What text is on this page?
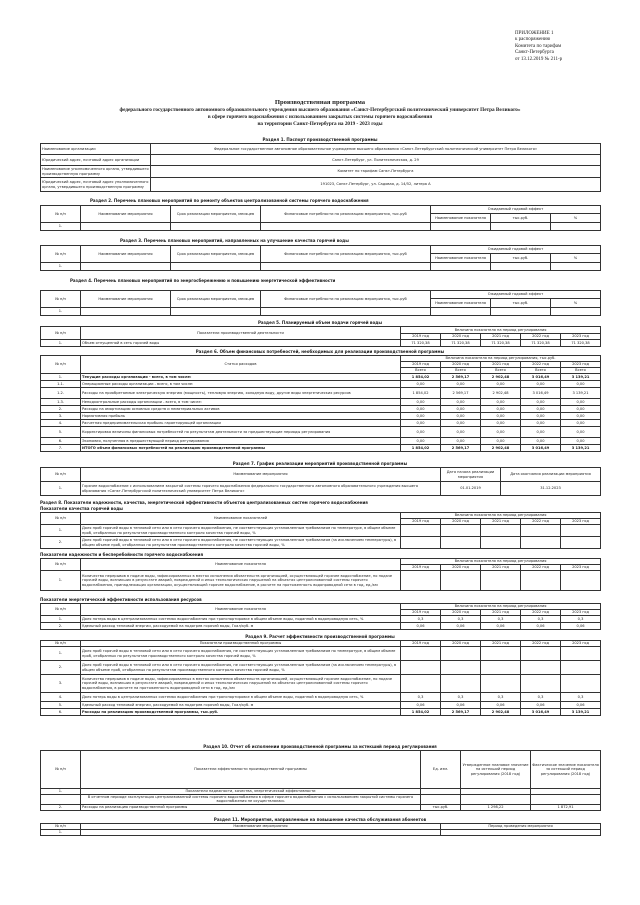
ПРИЛОЖЕНИЕ 1
к распоряжению
Комитета по тарифам
Санкт-Петербурга
от 13.12.2019 № 211-р
Производственная программа
федерального государственного автономного образовательного учреждения высшего образования «Санкт-Петербургский политехнический университет Петра Великого»
в сфере горячего водоснабжения с использованием закрытых системы горячего водоснабжения
на территории Санкт-Петербурга на 2019 - 2023 годы
Раздел 1. Паспорт производственной программы
Наименование организации	Федеральное государственное автономное образовательное учреждение высшего образования «Санкт-Петербургский политехнический университет Петра Великого»
Юридический адрес, почтовый адрес организации	Санкт-Петербург, ул. Политехническая, д. 29
Наименование уполномоченного органа, утвердившего производственную программу	Комитет по тарифам Санкт-Петербурга
Юридический адрес, почтовый адрес уполномоченного органа, утвердившего производственную программу	191023, Санкт-Петербург, ул. Садовая, д. 14/52, литера А
Раздел 2. Перечень плановых мероприятий по ремонту объектов централизованной системы горячего водоснабжения
№ п/п	Наименование мероприятия	Срок реализации мероприятия, месяцев	Финансовые потребности на реализацию мероприятия, тыс.руб	Ожидаемый годовой эффект		
				Наименование показателя	тыс.руб.	%
1.						
Раздел 3. Перечень плановых мероприятий, направленных на улучшение качества горячей воды
№ п/п	Наименование мероприятия	Срок реализации мероприятия, месяцев	Финансовые потребности на реализацию мероприятия, тыс.руб	Ожидаемый годовой эффект		
				Наименование показателя	тыс.руб.	%
1.						
Раздел 4. Перечень плановых мероприятий по энергосбережению и повышению энергетической эффективности
№ п/п	Наименование мероприятия	Срок реализации мероприятия, месяцев	Финансовые потребности на реализацию мероприятия, тыс.руб	Ожидаемый годовой эффект		
				Наименование показателя	тыс.руб.	%
1.						
Раздел 5. Планируемый объем подачи горячей воды
№ п/п	Показатели производственной деятельности	Величина показателя на период регулирования				
		2019 год	2020 год	2021 год	2022 год	2023 год
1.	Объем отпущенной в сеть горячей воды	71 320,38	71 320,38	71 320,38	71 320,38	71 320,38
Раздел 6. Объем финансовых потребностей, необходимых для реализации производственной программы
№ п/п	Статья расходов	Величина показателя на период регулирования, тыс.руб.				
		2019 год	2020 год	2021 год	2022 год	2023 год
		Всего	Всего	Всего	Всего	Всего
1.	Текущие расходы организации - всего, в том числе:	1 854,02	2 569,17	2 902,48	3 016,49	3 139,21
1.1.	Операционные расходы организации - всего, в том числе:	0,00	0,00	0,00	0,00	0,00
1.2.	Расходы на приобретаемые электрическую энергию (мощность), тепловую энергию, холодную воду, другие виды энергетических ресурсов	1 854,02	2 569,17	2 902,48	3 016,49	3 139,21
1.3.	Неподконтрольные расходы организации - всего, в том числе:	0,00	0,00	0,00	0,00	0,00
2.	Расходы на амортизацию основных средств и нематериальных активов	0,00	0,00	0,00	0,00	0,00
3.	Нормативная прибыль	0,00	0,00	0,00	0,00	0,00
4.	Расчетная предпринимательская прибыль гарантирующей организации	0,00	0,00	0,00	0,00	0,00
5.	Корректировка величины финансовых потребностей по результатам деятельности за предшествующие периоды регулирования	0,00	0,00	0,00	0,00	0,00
6.	Экономия, полученная в предшествующий период регулирования	0,00	0,00	0,00	0,00	0,00
7.	ИТОГО объем финансовых потребностей на реализацию производственной программы	1 854,02	2 569,17	2 902,48	3 016,49	3 139,21
Раздел 7. График реализации мероприятий производственной программы
№ п/п	Наименование мероприятия	Дата начала реализации мероприятия	Дата окончания реализации мероприятия
1.	Горячее водоснабжение с использованием закрытой системы горячего водоснабжения федерального государственного автономного образовательного учреждения высшего образования «Санкт-Петербургский политехнический университет Петра Великого»	01.01.2019	31.12.2023
Раздел 8. Показатели надежности, качества, энергетической эффективности объектов централизованных систем горячего водоснабжения
Показатели качества горячей воды
№ п/п	Наименование показателей	Величина показателя на период регулирования				
		2019 год	2020 год	2021 год	2022 год	2023 год
1.	Доля проб горячей воды в тепловой сети или в сети горячего водоснабжения, не соответствующих установленным требованиям по температуре, в общем объеме проб, отобранных по результатам производственного контроля качества горячей воды, %					
2.	Доля проб горячей воды в тепловой сети или в сети горячего водоснабжения, не соответствующих установленным требованиям (за исключением температуры), в общем объеме проб, отобранных по результатам производственного контроля качества горячей воды, %					
Показатели надежности и бесперебойности горячего водоснабжения
№ п/п	Наименование показателя	Величина показателя на период регулирования				
		2019 год	2020 год	2021 год	2022 год	2023 год
1.	Количество перерывов в подаче воды, зафиксированных в местах исполнения обязательств организацией, осуществляющей горячее водоснабжение, по подаче горячей воды, возникших в результате аварий, повреждений и иных технологических нарушений на объектах централизованной системы горячего водоснабжения, принадлежащих организации, осуществляющей горячее водоснабжение, в расчете на протяженность водопроводной сети в год, ед./км					
Показатели энергетической эффективности использования ресурсов
№ п/п	Наименование показателя	Величина показателя на период регулирования				
		2019 год	2020 год	2021 год	2022 год	2023 год
1.	Доля потерь воды в централизованных системах водоснабжения при транспортировке в общем объеме воды, поданной в водопроводную сеть, %	0,3	0,3	0,3	0,3	0,3
2.	Удельный расход тепловой энергии, расходуемой на подогрев горячей воды, Гкал/куб. м	0,06	0,06	0,06	0,06	0,06
Раздел 9. Расчет эффективности производственной программы
№ п/п	Показатели производственной программы	2019 год	2020 год	2021 год	2022 год	2023 год
1.	Доля проб горячей воды в тепловой сети или в сети горячего водоснабжения, не соответствующих установленным требованиям по температуре, в общем объеме проб, отобранных по результатам производственного контроля качества горячей воды, %					
2.	Доля проб горячей воды в тепловой сети или в сети горячего водоснабжения, не соответствующих установленным требованиям (за исключением температуры), в общем объеме проб, отобранных по результатам производственного контроля качества горячей воды, %					
3.	Количество перерывов в подаче воды, зафиксированных в местах исполнения обязательств организацией, осуществляющей горячее водоснабжение, по подаче горячей воды, возникших в результате аварий, повреждений и иных технологических нарушений на объектах централизованной системы горячего водоснабжения, в расчете на протяженность водопроводной сети в год, ед./км					
4.	Доля потерь воды в централизованных системах водоснабжения при транспортировке в общем объеме воды, поданной в водопроводную сеть, %	0,3	0,3	0,3	0,3	0,3
5.	Удельный расход тепловой энергии, расходуемой на подогрев горячей воды, Гкал/куб. м	0,06	0,06	0,06	0,06	0,06
6.	Расходы на реализацию производственной программы, тыс.руб.	1 854,02	2 569,17	2 902,48	3 016,49	3 139,21
Раздел 10. Отчет об исполнении производственной программы за истекший период регулирования
№ п/п	Показатели эффективности производственной программы	Ед. изм.	Утвержденное плановое значение на истекший период регулирования (2018 год)	Фактическое значение показателя за истекший период регулирования (2018 год)
1.	Показатели надежности, качества, энергетической эффективности			
	В отчетном периоде эксплуатация централизованной системы горячего водоснабжения в сфере горячего водоснабжения с использованием закрытой системы горячего водоснабжения не осуществлялась			
2.	Расходы на реализацию производственной программы	тыс.руб.	1 298,22	1 872,91
Раздел 11. Мероприятия, направленные на повышение качества обслуживания абонентов
№ п/п	Наименование мероприятия	Период проведения мероприятия
1.		
